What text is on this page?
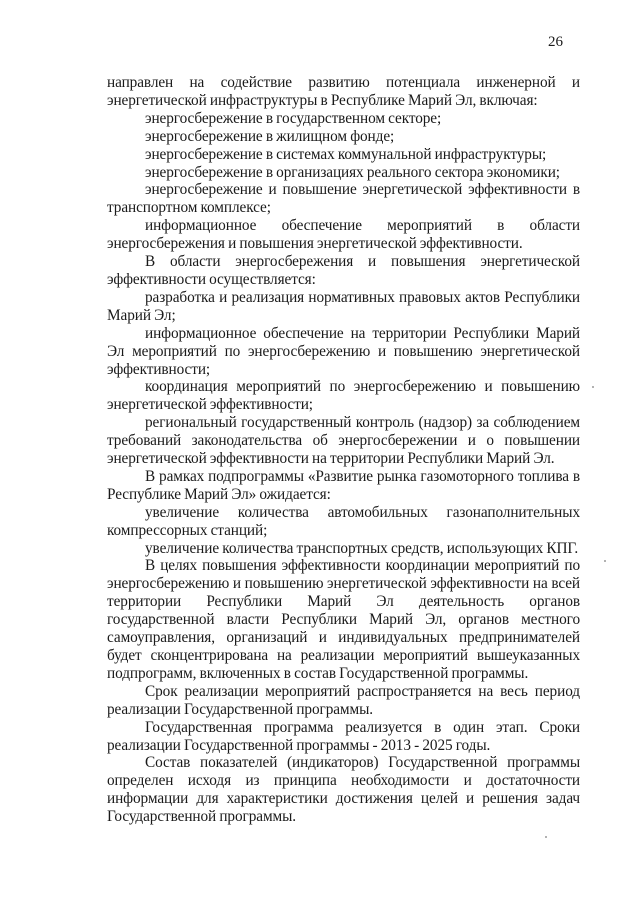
26

направлен на содействие развитию потенциала инженерной и энергетической инфраструктуры в Республике Марий Эл, включая:

энергосбережение в государственном секторе;

энергосбережение в жилищном фонде;

энергосбережение в системах коммунальной инфраструктуры;

энергосбережение в организациях реального сектора экономики;

энергосбережение и повышение энергетической эффективности в транспортном комплексе;

информационное обеспечение мероприятий в области энергосбережения и повышения энергетической эффективности.

В области энергосбережения и повышения энергетической эффективности осуществляется:

разработка и реализация нормативных правовых актов Республики Марий Эл;

информационное обеспечение на территории Республики Марий Эл мероприятий по энергосбережению и повышению энергетической эффективности;

координация мероприятий по энергосбережению и повышению энергетической эффективности;

региональный государственный контроль (надзор) за соблюдением требований законодательства об энергосбережении и о повышении энергетической эффективности на территории Республики Марий Эл.

В рамках подпрограммы «Развитие рынка газомоторного топлива в Республике Марий Эл» ожидается:

увеличение количества автомобильных газонаполнительных компрессорных станций;

увеличение количества транспортных средств, использующих КПГ.

В целях повышения эффективности координации мероприятий по энергосбережению и повышению энергетической эффективности на всей территории Республики Марий Эл деятельность органов государственной власти Республики Марий Эл, органов местного самоуправления, организаций и индивидуальных предпринимателей будет сконцентрирована на реализации мероприятий вышеуказанных подпрограмм, включенных в состав Государственной программы.

Срок реализации мероприятий распространяется на весь период реализации Государственной программы.

Государственная программа реализуется в один этап. Сроки реализации Государственной программы - 2013 - 2025 годы.

Состав показателей (индикаторов) Государственной программы определен исходя из принципа необходимости и достаточности информации для характеристики достижения целей и решения задач Государственной программы.
